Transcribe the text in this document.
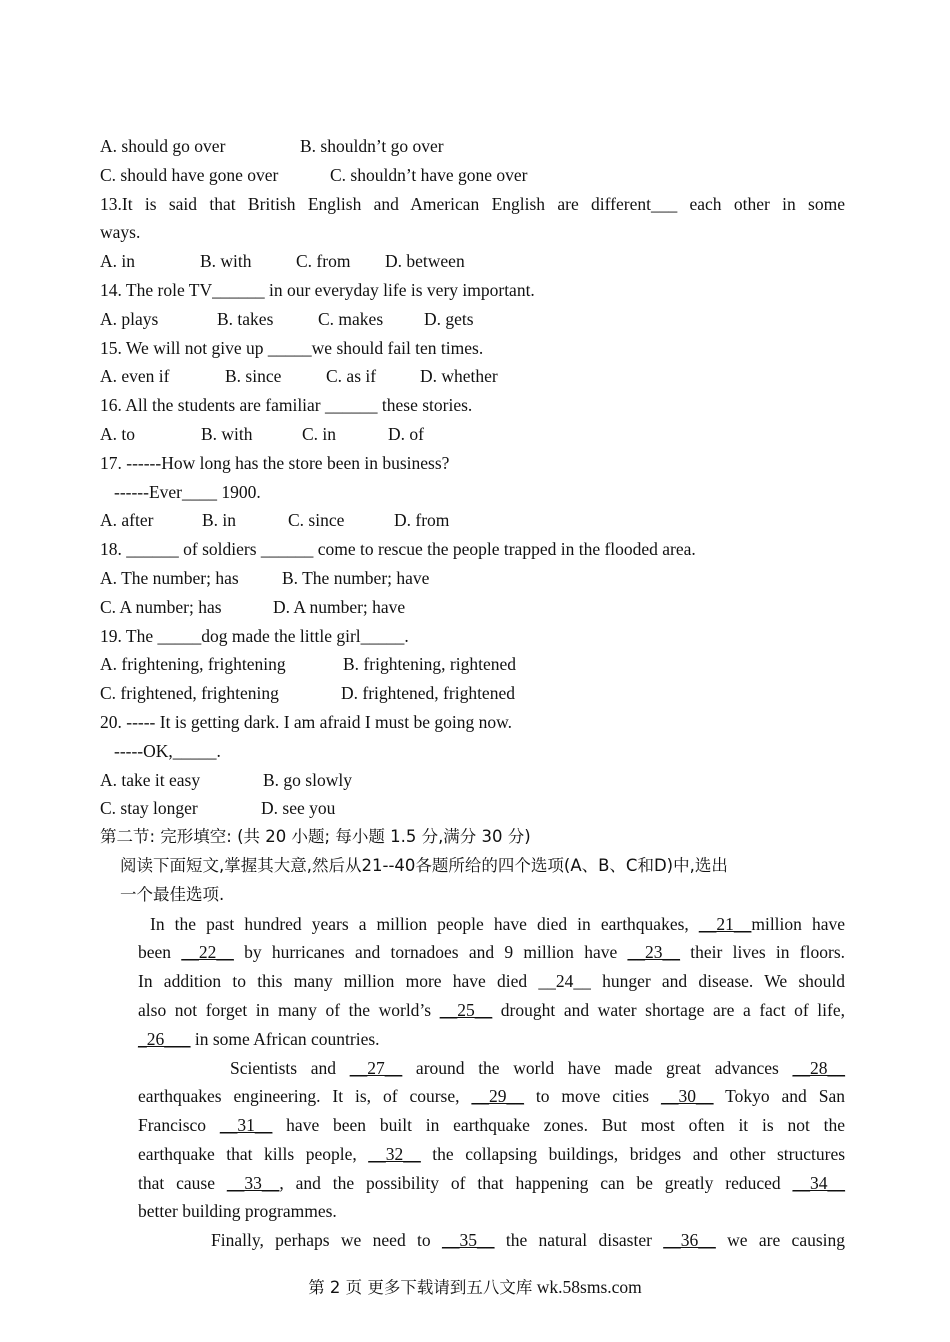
A. should go over	B. shouldn’t go over
C. should have gone over	C. shouldn’t have gone over
13.It is said that British English and American English are different___ each other in some
ways.
A. in	B. with	C. from D. between
14. The role TV______ in our everyday life is very important.
A. plays	B. takes	C. makes D. gets
15. We will not give up _____we should fail ten times.
A. even if	B. since	C. as if	D. whether
16. All the students are familiar ______ these stories.
A. to	B. with	C. in	D. of
17. ------How long has the store been in business?
------Ever____ 1900.
A. after	B. in	C. since	D. from
18. ______ of soldiers ______ come to rescue the people trapped in the flooded area.
A. The number; has B. The number; have
C. A number; has	D. A number; have
19. The _____dog made the little girl_____.
A. frightening, frightening	B. frightening, rightened
C. frightened, frightening	D. frightened, frightened
20. ----- It is getting dark. I am afraid I must be going now.
-----OK,_____.
A. take it easy	B. go slowly
C. stay longer	D. see you
第二节: 完形填空: (共 20 小题; 每小题 1.5 分,满分 30 分)
阅读下面短文,掌握其大意,然后从21--40各题所给的四个选项(A、B、C和D)中,选出
一个最佳选项.
In the past hundred years a million people have died in earthquakes, __21__million have
been __22__ by hurricanes and tornadoes and 9 million have __23__ their lives in floors.
In addition to this many million more have died __24__ hunger and disease. We should
also not forget in many of the world’s __25__ drought and water shortage are a fact of life,
_26___ in some African countries.
Scientists and __27__ around the world have made great advances __28__
earthquakes engineering. It is, of course, __29__ to move cities __30__ Tokyo and San
Francisco __31__ have been built in earthquake zones. But most often it is not the
earthquake that kills people, __32__ the collapsing buildings, bridges and other structures
that cause __33__, and the possibility of that happening can be greatly reduced __34__
better building programmes.
Finally, perhaps we need to __35__ the natural disaster __36__ we are causing
第 2 页 更多下载请到五八文库 wk.58sms.com
